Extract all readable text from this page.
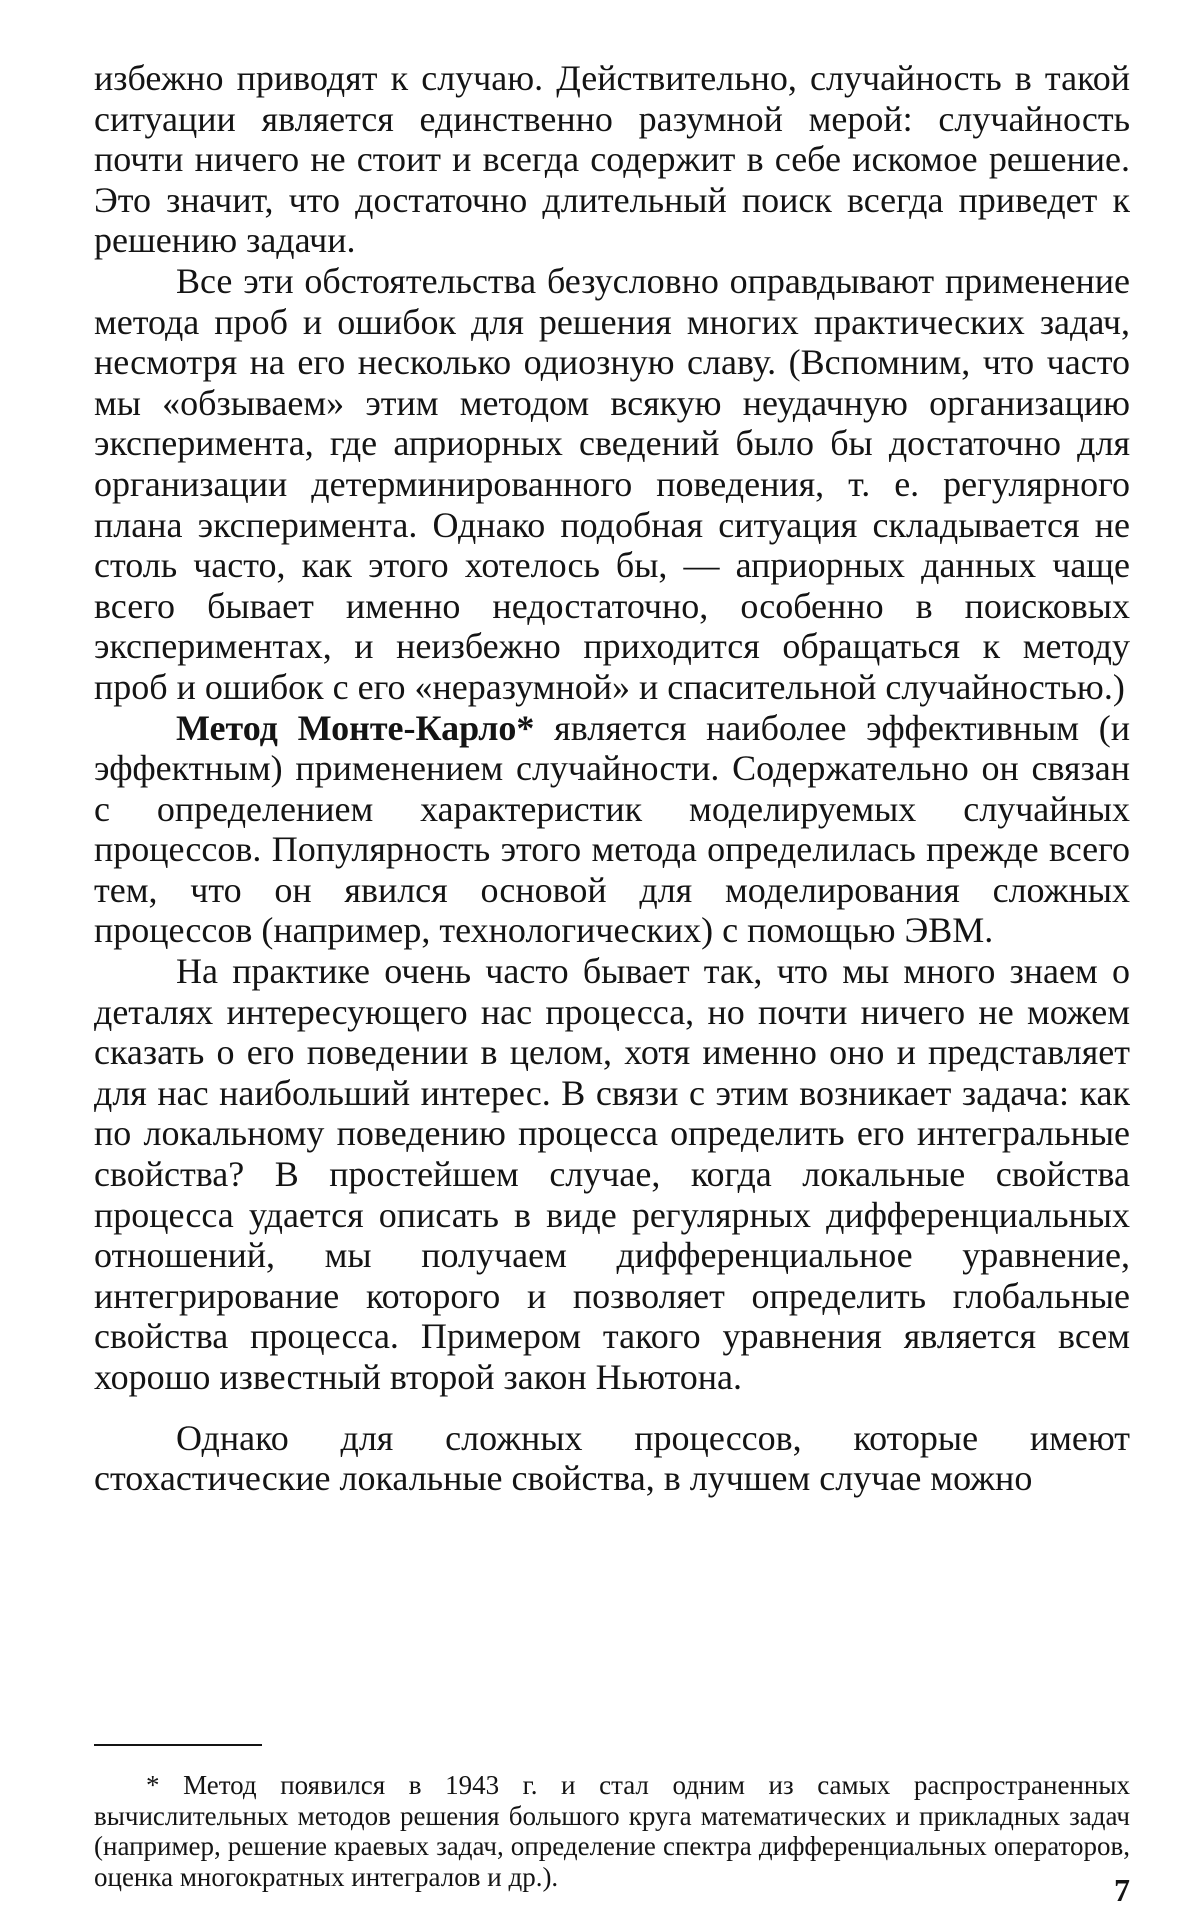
избежно приводят к случаю. Действительно, случайность в такой ситуации является единственно разумной мерой: случайность почти ничего не стоит и всегда содержит в себе искомое решение. Это значит, что достаточно длительный поиск всегда приведет к решению задачи.

Все эти обстоятельства безусловно оправдывают применение метода проб и ошибок для решения многих практических задач, несмотря на его несколько одиозную славу. (Вспомним, что часто мы «обзываем» этим методом всякую неудачную организацию эксперимента, где априорных сведений было бы достаточно для организации детерминированного поведения, т. е. регулярного плана эксперимента. Однако подобная ситуация складывается не столь часто, как этого хотелось бы, — априорных данных чаще всего бывает именно недостаточно, особенно в поисковых экспериментах, и неизбежно приходится обращаться к методу проб и ошибок с его «неразумной» и спасительной случайностью.)

Метод Монте-Карло* является наиболее эффективным (и эффектным) применением случайности. Содержательно он связан с определением характеристик моделируемых случайных процессов. Популярность этого метода определилась прежде всего тем, что он явился основой для моделирования сложных процессов (например, технологических) с помощью ЭВМ.

На практике очень часто бывает так, что мы много знаем о деталях интересующего нас процесса, но почти ничего не можем сказать о его поведении в целом, хотя именно оно и представляет для нас наибольший интерес. В связи с этим возникает задача: как по локальному поведению процесса определить его интегральные свойства? В простейшем случае, когда локальные свойства процесса удается описать в виде регулярных дифференциальных отношений, мы получаем дифференциальное уравнение, интегрирование которого и позволяет определить глобальные свойства процесса. Примером такого уравнения является всем хорошо известный второй закон Ньютона.

Однако для сложных процессов, которые имеют стохастические локальные свойства, в лучшем случае можно

* Метод появился в 1943 г. и стал одним из самых распространенных вычислительных методов решения большого круга математических и прикладных задач (например, решение краевых задач, определение спектра дифференциальных операторов, оценка многократных интегралов и др.).	7
